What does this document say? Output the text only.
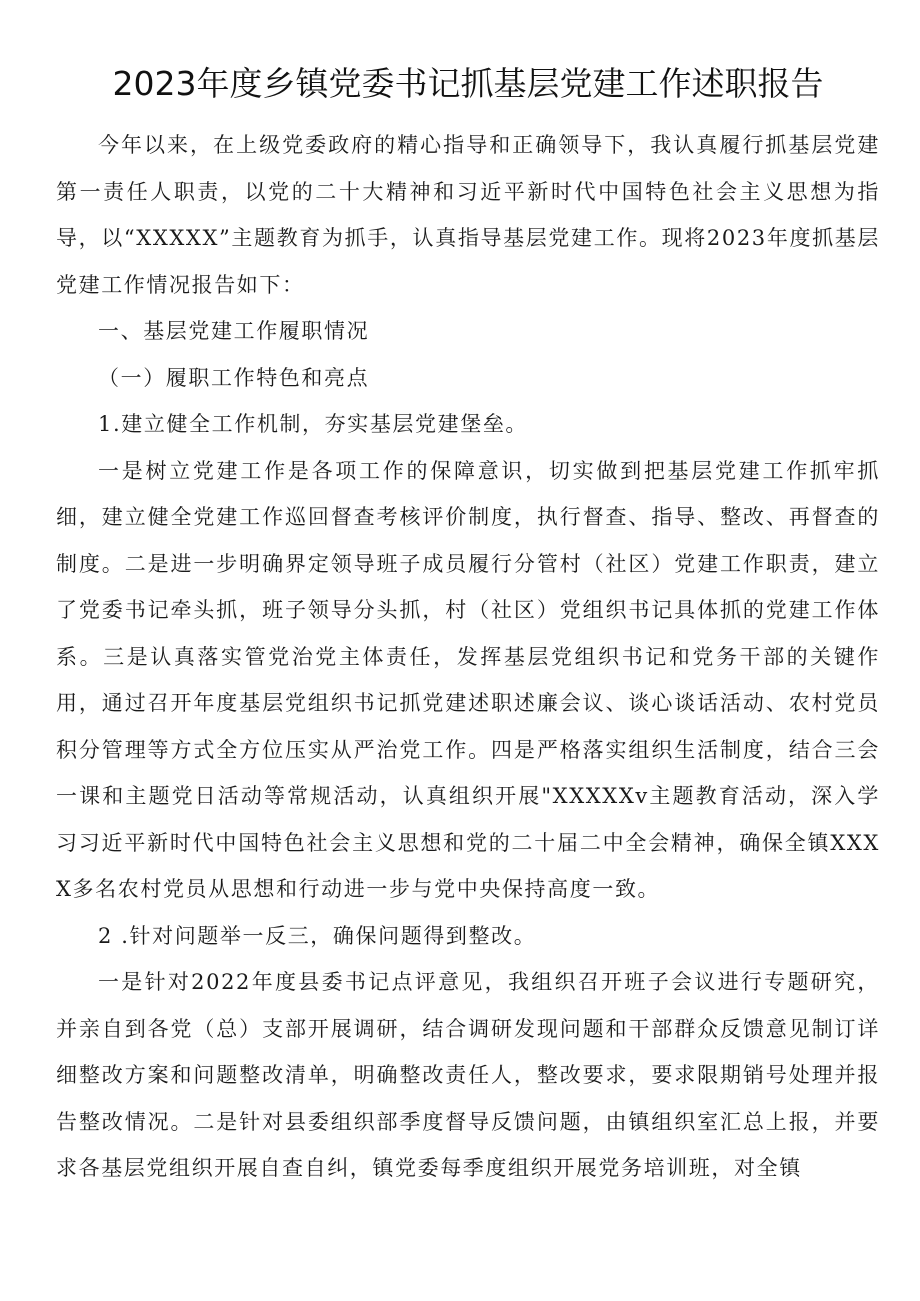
2023年度乡镇党委书记抓基层党建工作述职报告

今年以来，在上级党委政府的精心指导和正确领导下，我认真履行抓基层党建第一责任人职责，以党的二十大精神和习近平新时代中国特色社会主义思想为指导，以“XXXXX”主题教育为抓手，认真指导基层党建工作。现将2023年度抓基层党建工作情况报告如下：

一、基层党建工作履职情况

（一）履职工作特色和亮点

1.建立健全工作机制，夯实基层党建堡垒。

一是树立党建工作是各项工作的保障意识，切实做到把基层党建工作抓牢抓细，建立健全党建工作巡回督查考核评价制度，执行督查、指导、整改、再督查的制度。二是进一步明确界定领导班子成员履行分管村（社区）党建工作职责，建立了党委书记牵头抓，班子领导分头抓，村（社区）党组织书记具体抓的党建工作体系。三是认真落实管党治党主体责任，发挥基层党组织书记和党务干部的关键作用，通过召开年度基层党组织书记抓党建述职述廉会议、谈心谈话活动、农村党员积分管理等方式全方位压实从严治党工作。四是严格落实组织生活制度，结合三会一课和主题党日活动等常规活动，认真组织开展"XXXXXv主题教育活动，深入学习习近平新时代中国特色社会主义思想和党的二十届二中全会精神，确保全镇XXXX多名农村党员从思想和行动进一步与党中央保持高度一致。

2 .针对问题举一反三，确保问题得到整改。

一是针对2022年度县委书记点评意见，我组织召开班子会议进行专题研究，并亲自到各党（总）支部开展调研，结合调研发现问题和干部群众反馈意见制订详细整改方案和问题整改清单，明确整改责任人，整改要求，要求限期销号处理并报告整改情况。二是针对县委组织部季度督导反馈问题，由镇组织室汇总上报，并要求各基层党组织开展自查自纠，镇党委每季度组织开展党务培训班，对全镇
